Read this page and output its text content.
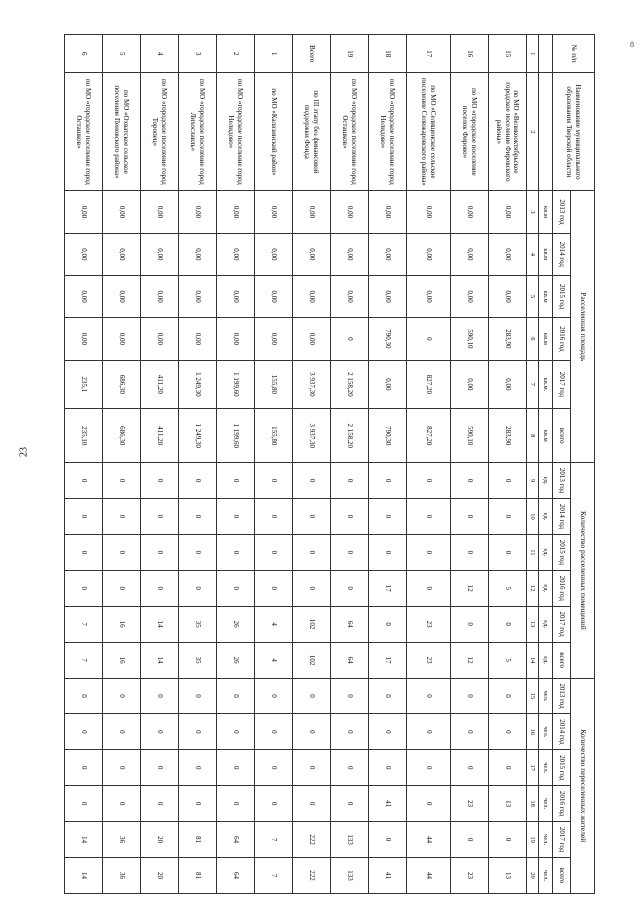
23
8
№ п/п	Наименование муниципального образования Тверской области	Расселенная площадь						Количество расселенных помещений						Количество переселенных жителей					
		2013 год	2014 год	2015 год	2016 год	2017 год	всего	2013 год	2014 год	2015 год	2016 год	2017 год	всего	2013 год	2014 год	2015 год	2016 год	2017 год	всего
		кв.м	кв.м	кв.м	кв.м	кв.м.	кв.м	ед.	ед.	ед.	ед.	ед.	ед.	чел.	чел.	чел.	чел.	чел.	чел.
1	2	3	4	5	6	7	8	9	10	11	12	13	14	15	16	17	18	19	20
15	по МО «Великооктябрьское городское поселение Фировского района»	0,00	0,00	0,00	283,90	0,00	283,90	0	0	0	5	0	5	0	0	0	13	0	13
16	по МО «городское поселение поселок Фирово»	0,00	0,00	0,00	590,10	0,00	590,10	0	0	0	12	0	12	0	0	0	23	0	23
17	по МО «Селищенское сельское поселение Селижаровского района»	0,00	0,00	0,00	0	827,20	827,20	0	0	0	0	23	23	0	0	0	0	44	44
18	по МО «городское поселение город Нелидово»	0,00	0,00	0,00	790,30	0,00	790,30	0	0	0	17	0	17	0	0	0	41	0	41
19	по МО «городское поселение город Осташков»	0,00	0,00	0,00	0	2 158,20	2 158,20	0	0	0	0	64	64	0	0	0	0	133	133
Всего	по III этапу без финансовой поддержки Фонда	0,00	0,00	0,00	0,00	3 937,30	3 937,30	0	0	0	0	102	102	0	0	0	0	222	222
1	по МО «Калязинский район»	0,00	0,00	0,00	0,00	155,80	155,80	0	0	0	0	4	4	0	0	0	0	7	7
2	по МО «городское поселение город Нелидово»	0,00	0,00	0,00	0,00	1 199,60	1 199,60	0	0	0	0	26	26	0	0	0	0	64	64
3	по МО «городское поселение город Лихославль»	0,00	0,00	0,00	0,00	1 249,30	1 249,30	0	0	0	0	35	35	0	0	0	0	81	81
4	по МО «городское поселение город Торопец»	0,00	0,00	0,00	0,00	411,20	411,20	0	0	0	0	14	14	0	0	0	0	20	20
5	по МО «Охватское сельское поселение Пеновского района»	0,00	0,00	0,00	0,00	686,30	686,30	0	0	0	0	16	16	0	0	0	0	36	36
6	по МО «городское поселение город Осташков»	0,00	0,00	0,00	0,00	235,1	235,10	0	0	0	0	7	7	0	0	0	0	14	14
